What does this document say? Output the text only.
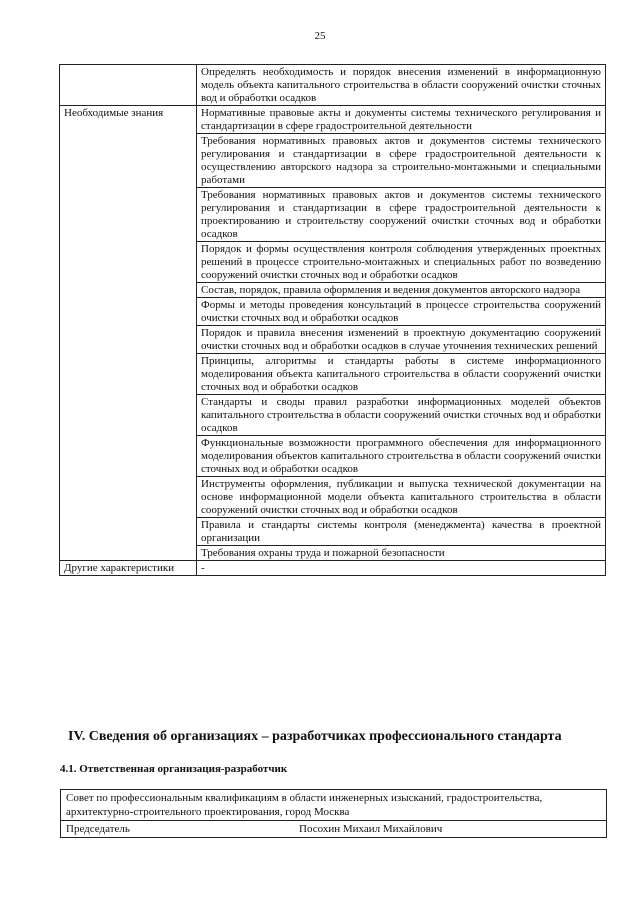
25
	Определять необходимость и порядок внесения изменений в информационную модель объекта капитального строительства в области сооружений очистки сточных вод и обработки осадков
Необходимые знания	Нормативные правовые акты и документы системы технического регулирования и стандартизации в сфере градостроительной деятельности
	Требования нормативных правовых актов и документов системы технического регулирования и стандартизации в сфере градостроительной деятельности к осуществлению авторского надзора за строительно-монтажными и специальными работами
	Требования нормативных правовых актов и документов системы технического регулирования и стандартизации в сфере градостроительной деятельности к проектированию и строительству сооружений очистки сточных вод и обработки осадков
	Порядок и формы осуществления контроля соблюдения утвержденных проектных решений в процессе строительно-монтажных и специальных работ по возведению сооружений очистки сточных вод и обработки осадков
	Состав, порядок, правила оформления и ведения документов авторского надзора
	Формы и методы проведения консультаций в процессе строительства сооружений очистки сточных вод и обработки осадков
	Порядок и правила внесения изменений в проектную документацию сооружений очистки сточных вод и обработки осадков в случае уточнения технических решений
	Принципы, алгоритмы и стандарты работы в системе информационного моделирования объекта капитального строительства в области сооружений очистки сточных вод и обработки осадков
	Стандарты и своды правил разработки информационных моделей объектов капитального строительства в области сооружений очистки сточных вод и обработки осадков
	Функциональные возможности программного обеспечения для информационного моделирования объектов капитального строительства в области сооружений очистки сточных вод и обработки осадков
	Инструменты оформления, публикации и выпуска технической документации на основе информационной модели объекта капитального строительства в области сооружений очистки сточных вод и обработки осадков
	Правила и стандарты системы контроля (менеджмента) качества в проектной организации
	Требования охраны труда и пожарной безопасности
Другие характеристики	-
IV. Сведения об организациях – разработчиках профессионального стандарта
4.1. Ответственная организация-разработчик
Совет по профессиональным квалификациям в области инженерных изысканий, градостроительства, архитектурно-строительного проектирования, город Москва

Председатель	Посохин Михаил Михайлович
